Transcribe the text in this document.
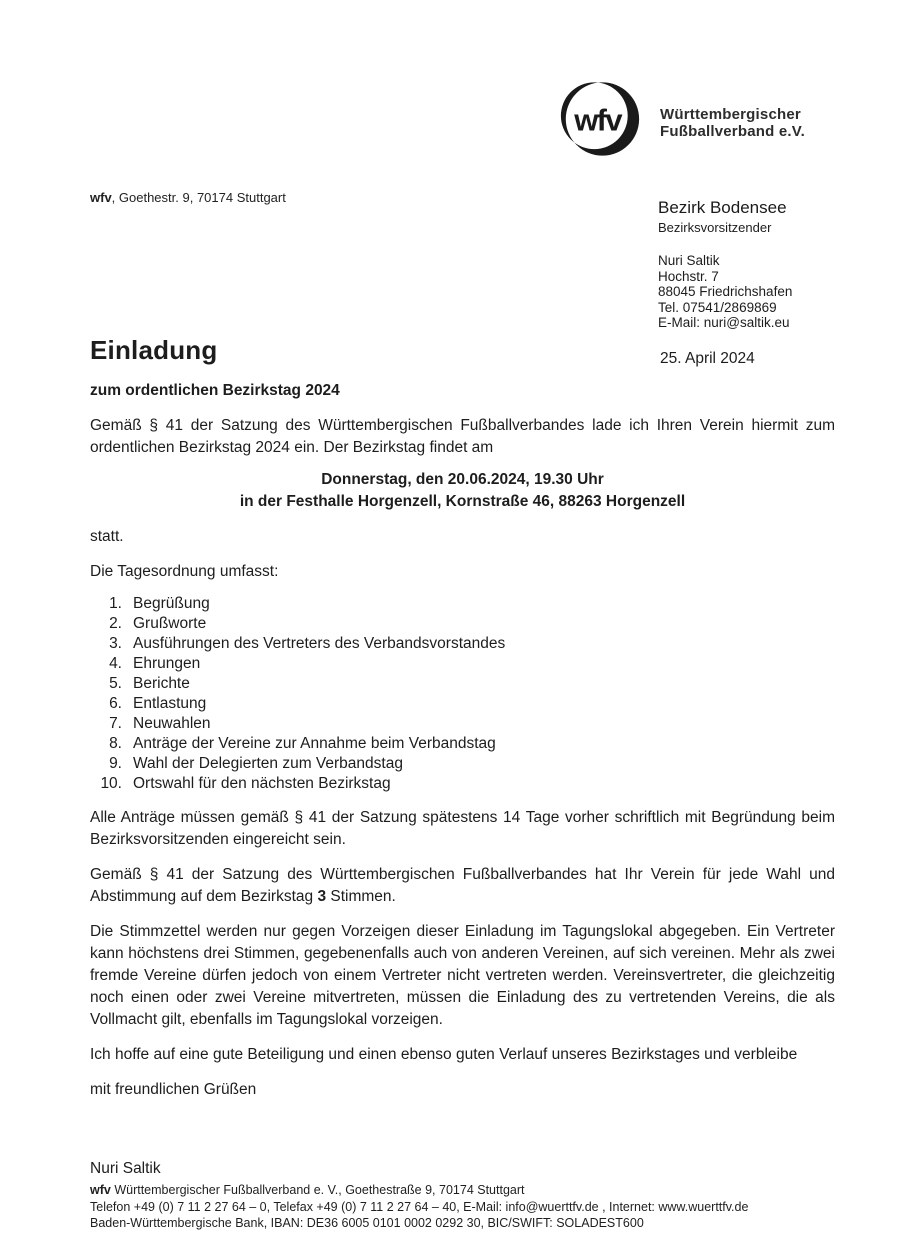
wfv	Württembergischer
Fußballverband e.V.
wfv, Goethestr. 9, 70174 Stuttgart
Bezirk Bodensee
Bezirksvorsitzender
Nuri Saltik
Hochstr. 7
88045 Friedrichshafen
Tel. 07541/2869869
E-Mail: nuri@saltik.eu
Einladung	25. April 2024
zum ordentlichen Bezirkstag 2024

Gemäß § 41 der Satzung des Württembergischen Fußballverbandes lade ich Ihren Verein hiermit zum ordentlichen Bezirkstag 2024 ein. Der Bezirkstag findet am

Donnerstag, den 20.06.2024, 19.30 Uhr
in der Festhalle Horgenzell, Kornstraße 46, 88263 Horgenzell

statt.

Die Tagesordnung umfasst:

1. Begrüßung
2. Grußworte
3. Ausführungen des Vertreters des Verbandsvorstandes
4. Ehrungen
5. Berichte
6. Entlastung
7. Neuwahlen
8. Anträge der Vereine zur Annahme beim Verbandstag
9. Wahl der Delegierten zum Verbandstag
10. Ortswahl für den nächsten Bezirkstag

Alle Anträge müssen gemäß § 41 der Satzung spätestens 14 Tage vorher schriftlich mit Begründung beim Bezirksvorsitzenden eingereicht sein.

Gemäß § 41 der Satzung des Württembergischen Fußballverbandes hat Ihr Verein für jede Wahl und Abstimmung auf dem Bezirkstag 3 Stimmen.

Die Stimmzettel werden nur gegen Vorzeigen dieser Einladung im Tagungslokal abgegeben. Ein Vertreter kann höchstens drei Stimmen, gegebenenfalls auch von anderen Vereinen, auf sich vereinen. Mehr als zwei fremde Vereine dürfen jedoch von einem Vertreter nicht vertreten werden. Vereinsvertreter, die gleichzeitig noch einen oder zwei Vereine mitvertreten, müssen die Einladung des zu vertretenden Vereins, die als Vollmacht gilt, ebenfalls im Tagungslokal vorzeigen.

Ich hoffe auf eine gute Beteiligung und einen ebenso guten Verlauf unseres Bezirkstages und verbleibe

mit freundlichen Grüßen

Nuri Saltik

wfv Württembergischer Fußballverband e. V., Goethestraße 9, 70174 Stuttgart
Telefon +49 (0) 7 11 2 27 64 – 0, Telefax +49 (0) 7 11 2 27 64 – 40, E-Mail: info@wuerttfv.de , Internet: www.wuerttfv.de
Baden-Württembergische Bank, IBAN: DE36 6005 0101 0002 0292 30, BIC/SWIFT: SOLADEST600
